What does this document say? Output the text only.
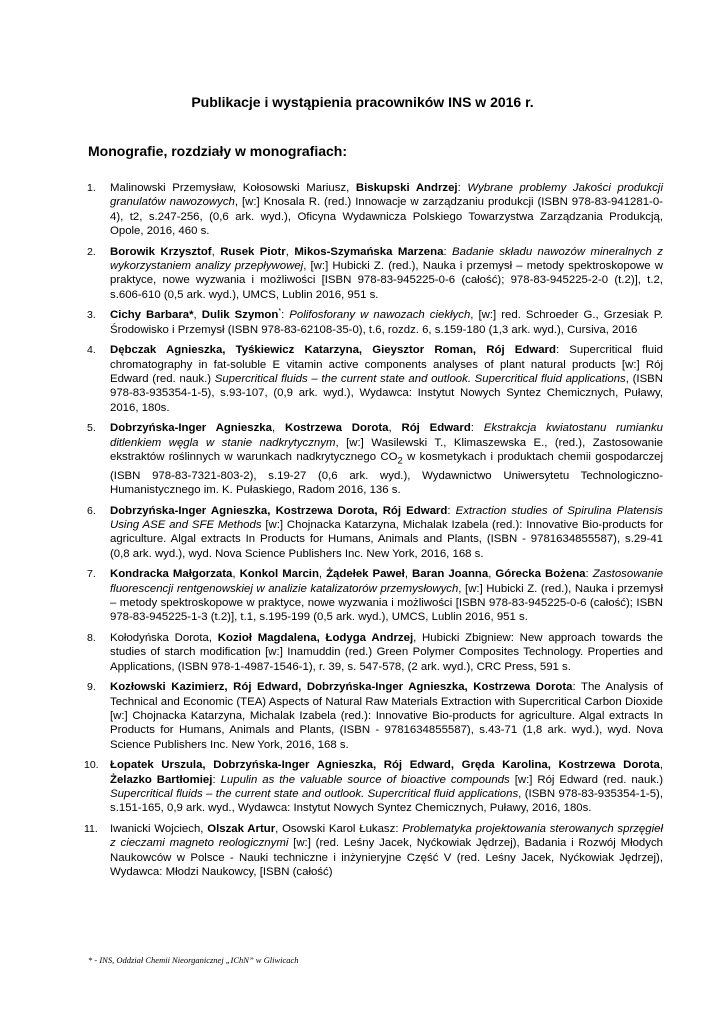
Publikacje i wystąpienia pracowników INS w 2016 r.
Monografie, rozdziały w monografiach:
1. Malinowski Przemysław, Kołosowski Mariusz, Biskupski Andrzej: Wybrane problemy Jakości produkcji granulatów nawozowych, [w:] Knosala R. (red.) Innowacje w zarządzaniu produkcji (ISBN 978-83-941281-0-4), t2, s.247-256, (0,6 ark. wyd.), Oficyna Wydawnicza Polskiego Towarzystwa Zarządzania Produkcją, Opole, 2016, 460 s.
2. Borowik Krzysztof, Rusek Piotr, Mikos-Szymańska Marzena: Badanie składu nawozów mineralnych z wykorzystaniem analizy przepływowej, [w:] Hubicki Z. (red.), Nauka i przemysł – metody spektroskopowe w praktyce, nowe wyzwania i możliwości [ISBN 978-83-945225-0-6 (całość); 978-83-945225-2-0 (t.2)], t.2, s.606-610 (0,5 ark. wyd.), UMCS, Lublin 2016, 951 s.
3. Cichy Barbara*, Dulik Szymon*: Polifosforany w nawozach ciekłych, [w:] red. Schroeder G., Grzesiak P. Środowisko i Przemysł (ISBN 978-83-62108-35-0), t.6, rozdz. 6, s.159-180 (1,3 ark. wyd.), Cursiva, 2016
4. Dębczak Agnieszka, Tyśkiewicz Katarzyna, Gieysztor Roman, Rój Edward: Supercritical fluid chromatography in fat-soluble E vitamin active components analyses of plant natural products [w:] Rój Edward (red. nauk.) Supercritical fluids – the current state and outlook. Supercritical fluid applications, (ISBN 978-83-935354-1-5), s.93-107, (0,9 ark. wyd.), Wydawca: Instytut Nowych Syntez Chemicznych, Puławy, 2016, 180s.
5. Dobrzyńska-Inger Agnieszka, Kostrzewa Dorota, Rój Edward: Ekstrakcja kwiatostanu rumianku ditlenkiem węgla w stanie nadkrytycznym, [w:] Wasilewski T., Klimaszewska E., (red.), Zastosowanie ekstraktów roślinnych w warunkach nadkrytycznego $CO_2$ w kosmetykach i produktach chemii gospodarczej (ISBN 978-83-7321-803-2), s.19-27 (0,6 ark. wyd.), Wydawnictwo Uniwersytetu Technologiczno-Humanistycznego im. K. Pułaskiego, Radom 2016, 136 s.
6. Dobrzyńska-Inger Agnieszka, Kostrzewa Dorota, Rój Edward: Extraction studies of Spirulina Platensis Using ASE and SFE Methods [w:] Chojnacka Katarzyna, Michalak Izabela (red.): Innovative Bio-products for agriculture. Algal extracts In Products for Humans, Animals and Plants, (ISBN - 9781634855587), s.29-41 (0,8 ark. wyd.), wyd. Nova Science Publishers Inc. New York, 2016, 168 s.
7. Kondracka Małgorzata, Konkol Marcin, Żądełek Paweł, Baran Joanna, Górecka Bożena: Zastosowanie fluorescencji rentgenowskiej w analizie katalizatorów przemysłowych, [w:] Hubicki Z. (red.), Nauka i przemysł – metody spektroskopowe w praktyce, nowe wyzwania i możliwości [ISBN 978-83-945225-0-6 (całość); ISBN 978-83-945225-1-3 (t.2)], t.1, s.195-199 (0,5 ark. wyd.), UMCS, Lublin 2016, 951 s.
8. Kołodyńska Dorota, Kozioł Magdalena, Łodyga Andrzej, Hubicki Zbigniew: New approach towards the studies of starch modification [w:] Inamuddin (red.) Green Polymer Composites Technology. Properties and Applications, (ISBN 978-1-4987-1546-1), r. 39, s. 547-578, (2 ark. wyd.), CRC Press, 591 s.
9. Kozłowski Kazimierz, Rój Edward, Dobrzyńska-Inger Agnieszka, Kostrzewa Dorota: The Analysis of Technical and Economic (TEA) Aspects of Natural Raw Materials Extraction with Supercritical Carbon Dioxide [w:] Chojnacka Katarzyna, Michalak Izabela (red.): Innovative Bio-products for agriculture. Algal extracts In Products for Humans, Animals and Plants, (ISBN - 9781634855587), s.43-71 (1,8 ark. wyd.), wyd. Nova Science Publishers Inc. New York, 2016, 168 s.
10. Łopatek Urszula, Dobrzyńska-Inger Agnieszka, Rój Edward, Gręda Karolina, Kostrzewa Dorota, Żelazko Bartłomiej: Lupulin as the valuable source of bioactive compounds [w:] Rój Edward (red. nauk.) Supercritical fluids – the current state and outlook. Supercritical fluid applications, (ISBN 978-83-935354-1-5), s.151-165, 0,9 ark. wyd., Wydawca: Instytut Nowych Syntez Chemicznych, Puławy, 2016, 180s.
11. Iwanicki Wojciech, Olszak Artur, Osowski Karol Łukasz: Problematyka projektowania sterowanych sprzęgieł z cieczami magneto reologicznymi [w:] (red. Leśny Jacek, Nyćkowiak Jędrzej), Badania i Rozwój Młodych Naukowców w Polsce - Nauki techniczne i inżynieryjne Część V (red. Leśny Jacek, Nyćkowiak Jędrzej), Wydawca: Młodzi Naukowcy, [ISBN (całość)
* - INS, Oddział Chemii Nieorganicznej „IChN” w Gliwicach
